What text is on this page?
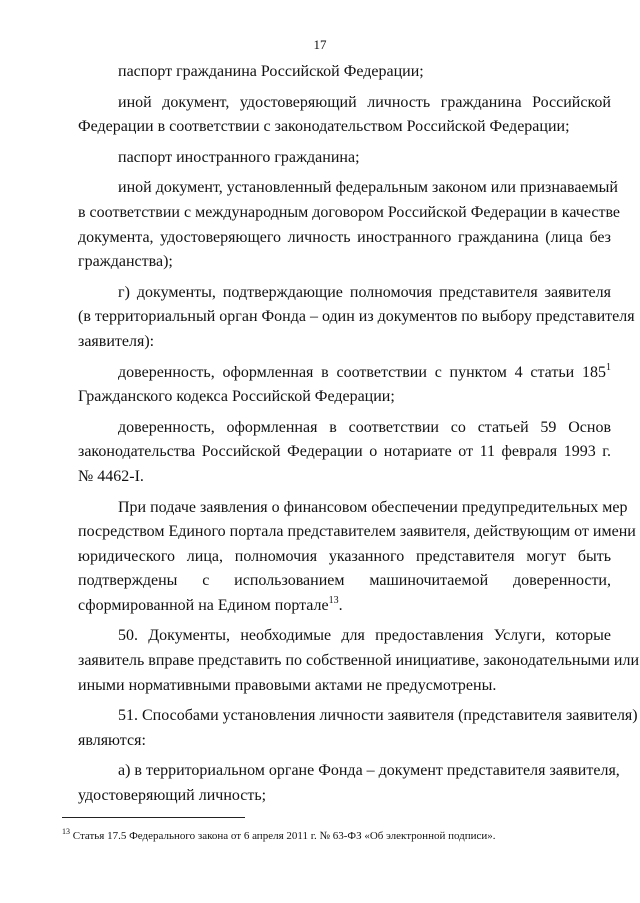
17
паспорт гражданина Российской Федерации;
иной документ, удостоверяющий личность гражданина Российской
Федерации в соответствии с законодательством Российской Федерации;
паспорт иностранного гражданина;
иной документ, установленный федеральным законом или признаваемый
в соответствии с международным договором Российской Федерации в качестве
документа, удостоверяющего личность иностранного гражданина (лица без
гражданства);
г) документы, подтверждающие полномочия представителя заявителя
(в территориальный орган Фонда – один из документов по выбору представителя
заявителя):
доверенность, оформленная в соответствии с пунктом 4 статьи $185^1$
Гражданского кодекса Российской Федерации;
доверенность, оформленная в соответствии со статьей 59 Основ
законодательства Российской Федерации о нотариате от 11 февраля 1993 г.
№ 4462-I.
При подаче заявления о финансовом обеспечении предупредительных мер
посредством Единого портала представителем заявителя, действующим от имени
юридического лица, полномочия указанного представителя могут быть
подтверждены с использованием машиночитаемой доверенности,
сформированной на Едином портале$^{13}$.
50. Документы, необходимые для предоставления Услуги, которые
заявитель вправе представить по собственной инициативе, законодательными или
иными нормативными правовыми актами не предусмотрены.
51. Способами установления личности заявителя (представителя заявителя)
являются:
а) в территориальном органе Фонда – документ представителя заявителя,
удостоверяющий личность;
$^{13}$ Статья 17.5 Федерального закона от 6 апреля 2011 г. № 63-ФЗ «Об электронной подписи».
